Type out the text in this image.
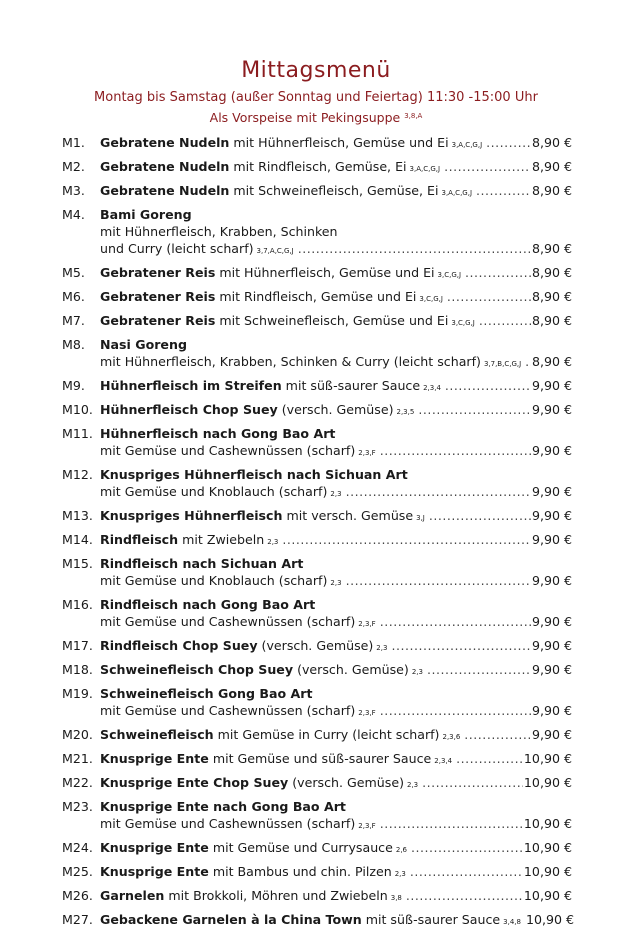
Mittagsmenü
Montag bis Samstag (außer Sonntag und Feiertag) 11:30 -15:00 Uhr
Als Vorspeise mit Pekingsuppe $^{3,8,A}$
M1.	Gebratene Nudeln mit Hühnerfleisch, Gemüse und Ei 3,A,C,G,J .....	8,90 €
M2.	Gebratene Nudeln mit Rindfleisch, Gemüse, Ei 3,A,C,G,J .....	8,90 €
M3.	Gebratene Nudeln mit Schweinefleisch, Gemüse, Ei 3,A,C,G,J .....	8,90 €
M4.	Bami Goreng
mit Hühnerfleisch, Krabben, Schinken
und Curry (leicht scharf) 3,7,A,C,G,J .....	8,90 €
M5.	Gebratener Reis mit Hühnerfleisch, Gemüse und Ei 3,C,G,J .....	8,90 €
M6.	Gebratener Reis mit Rindfleisch, Gemüse und Ei 3,C,G,J .....	8,90 €
M7.	Gebratener Reis mit Schweinefleisch, Gemüse und Ei 3,C,G,J .....	8,90 €
M8.	Nasi Goreng
mit Hühnerfleisch, Krabben, Schinken & Curry (leicht scharf) 3,7,B,C,G,J ..... 8,90 €
M9.	Hühnerfleisch im Streifen mit süß-saurer Sauce 2,3,4 .....	9,90 €
M10. Hühnerfleisch Chop Suey (versch. Gemüse) 2,3,5 .....	9,90 €
M11. Hühnerfleisch nach Gong Bao Art
mit Gemüse und Cashewnüssen (scharf) 2,3,F .....	9,90 €
M12. Knuspriges Hühnerfleisch nach Sichuan Art
mit Gemüse und Knoblauch (scharf) 2,3 .....	9,90 €
M13. Knuspriges Hühnerfleisch mit versch. Gemüse 3,J .....	9,90 €
M14. Rindfleisch mit Zwiebeln 2,3 .....	9,90 €
M15. Rindfleisch nach Sichuan Art
mit Gemüse und Knoblauch (scharf) 2,3 .....	9,90 €
M16. Rindfleisch nach Gong Bao Art
mit Gemüse und Cashewnüssen (scharf) 2,3,F .....	9,90 €
M17. Rindfleisch Chop Suey (versch. Gemüse) 2,3 .....	9,90 €
M18. Schweinefleisch Chop Suey (versch. Gemüse) 2,3 .....	9,90 €
M19. Schweinefleisch Gong Bao Art
mit Gemüse und Cashewnüssen (scharf) 2,3,F .....	9,90 €
M20. Schweinefleisch mit Gemüse in Curry (leicht scharf) 2,3,6 .....	9,90 €
M21. Knusprige Ente mit Gemüse und süß-saurer Sauce 2,3,4 .....	10,90 €
M22. Knusprige Ente Chop Suey (versch. Gemüse) 2,3 .....	10,90 €
M23. Knusprige Ente nach Gong Bao Art
mit Gemüse und Cashewnüssen (scharf) 2,3,F .....	10,90 €
M24. Knusprige Ente mit Gemüse und Currysauce 2,6 .....	10,90 €
M25. Knusprige Ente mit Bambus und chin. Pilzen 2,3 .....	10,90 €
M26. Garnelen mit Brokkoli, Möhren und Zwiebeln 3,8 .....	10,90 €
M27. Gebackene Garnelen à la China Town mit süß-saurer Sauce 3,4,8 10,90 €
